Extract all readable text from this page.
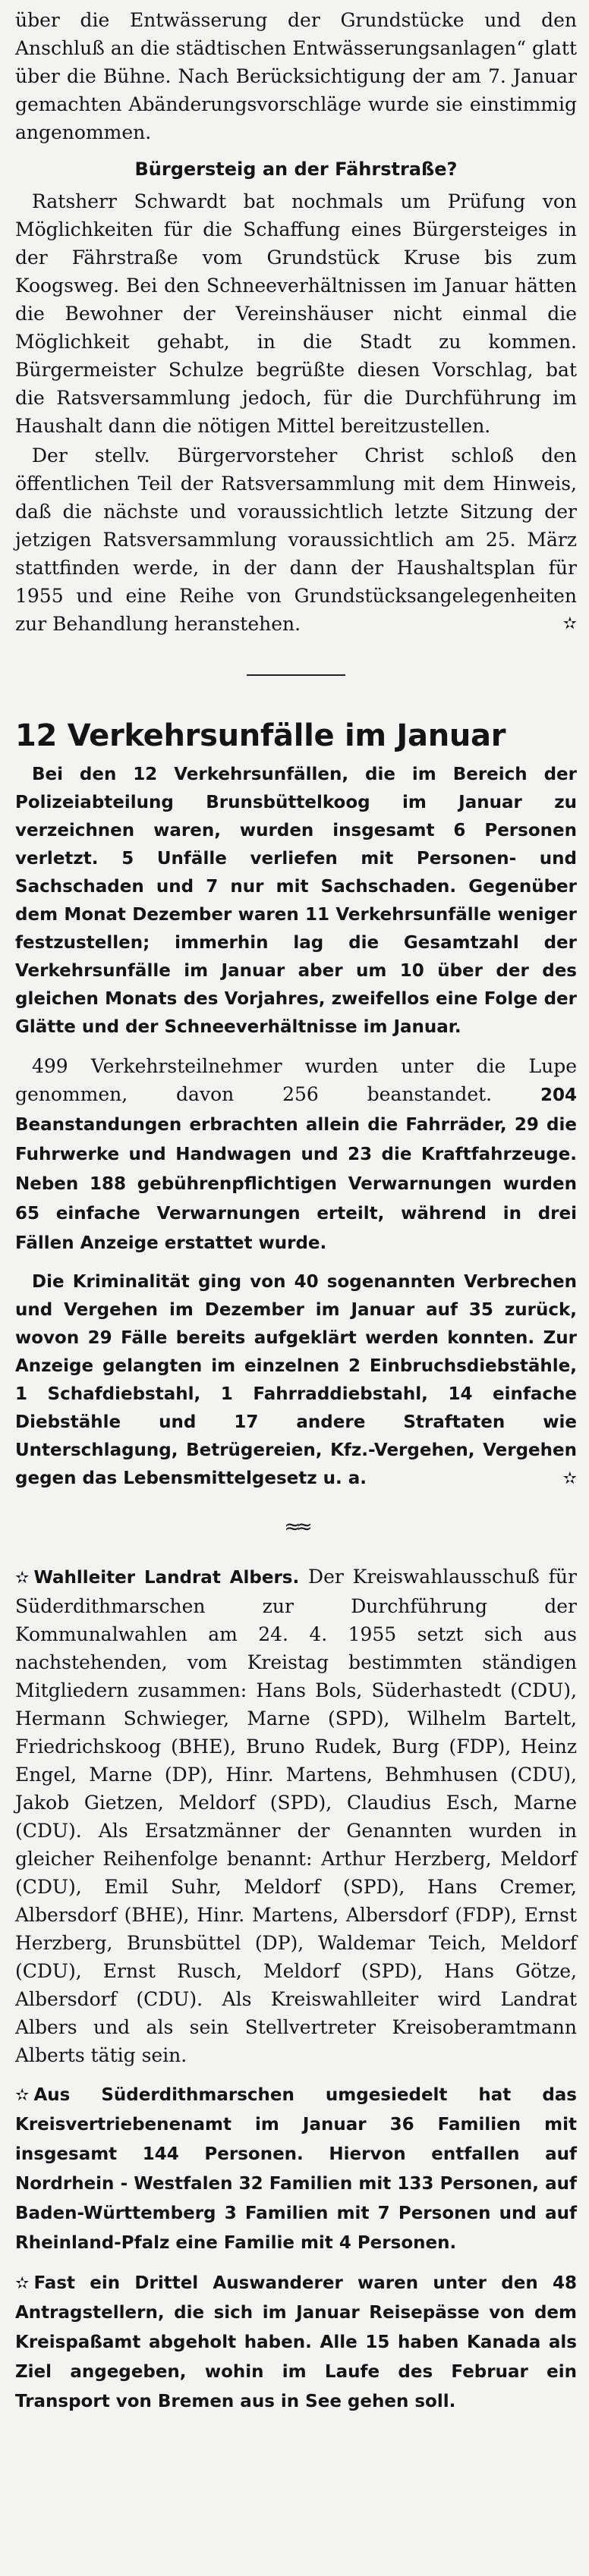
über die Entwässerung der Grundstücke und den Anschluß an die städtischen Entwässerungsanlagen“ glatt über die Bühne. Nach Berücksichtigung der am 7. Januar gemachten Abänderungsvorschläge wurde sie einstimmig angenommen.

Bürgersteig an der Fährstraße?

Ratsherr Schwardt bat nochmals um Prüfung von Möglichkeiten für die Schaffung eines Bürgersteiges in der Fährstraße vom Grundstück Kruse bis zum Koogsweg. Bei den Schneeverhältnissen im Januar hätten die Bewohner der Vereinshäuser nicht einmal die Möglichkeit gehabt, in die Stadt zu kommen. Bürgermeister Schulze begrüßte diesen Vorschlag, bat die Ratsversammlung jedoch, für die Durchführung im Haushalt dann die nötigen Mittel bereitzustellen.

Der stellv. Bürgervorsteher Christ schloß den öffentlichen Teil der Ratsversammlung mit dem Hinweis, daß die nächste und voraussichtlich letzte Sitzung der jetzigen Ratsversammlung voraussichtlich am 25. März stattfinden werde, in der dann der Haushaltsplan für 1955 und eine Reihe von Grundstücksangelegenheiten zur Behandlung heranstehen.	✫

12 Verkehrsunfälle im Januar

Bei den 12 Verkehrsunfällen, die im Bereich der Polizeiabteilung Brunsbüttelkoog im Januar zu verzeichnen waren, wurden insgesamt 6 Personen verletzt. 5 Unfälle verliefen mit Personen- und Sachschaden und 7 nur mit Sachschaden. Gegenüber dem Monat Dezember waren 11 Verkehrsunfälle weniger festzustellen; immerhin lag die Gesamtzahl der Verkehrsunfälle im Januar aber um 10 über der des gleichen Monats des Vorjahres, zweifellos eine Folge der Glätte und der Schneeverhältnisse im Januar.

499 Verkehrsteilnehmer wurden unter die Lupe genommen, davon 256 beanstandet.	204 Beanstandungen erbrachten allein die Fahrräder, 29 die Fuhrwerke und Handwagen und 23 die Kraftfahrzeuge. Neben 188 gebührenpflichtigen Verwarnungen wurden 65 einfache Verwarnungen erteilt, während in drei Fällen Anzeige erstattet wurde.

Die Kriminalität ging von 40 sogenannten Verbrechen und Vergehen im Dezember im Januar auf 35 zurück, wovon 29 Fälle bereits aufgeklärt werden konnten. Zur Anzeige gelangten im einzelnen 2 Einbruchsdiebstähle, 1 Schafdiebstahl, 1 Fahrraddiebstahl, 14 einfache Diebstähle und 17 andere Straftaten wie Unterschlagung, Betrügereien, Kfz.-Vergehen, Vergehen gegen das Lebensmittelgesetz u. a.	✫

≈≈

✫ Wahlleiter Landrat Albers. Der Kreiswahlausschuß für Süderdithmarschen zur Durchführung der Kommunalwahlen am 24. 4. 1955 setzt sich aus nachstehenden, vom Kreistag bestimmten ständigen Mitgliedern zusammen: Hans Bols, Süderhastedt (CDU), Hermann Schwieger, Marne (SPD), Wilhelm Bartelt, Friedrichskoog (BHE), Bruno Rudek, Burg (FDP), Heinz Engel, Marne (DP), Hinr. Martens, Behmhusen (CDU), Jakob Gietzen, Meldorf (SPD), Claudius Esch, Marne (CDU). Als Ersatzmänner der Genannten wurden in gleicher Reihenfolge benannt: Arthur Herzberg, Meldorf (CDU), Emil Suhr, Meldorf (SPD), Hans Cremer, Albersdorf (BHE), Hinr. Martens, Albersdorf (FDP), Ernst Herzberg, Brunsbüttel (DP), Waldemar Teich, Meldorf (CDU), Ernst Rusch, Meldorf (SPD), Hans Götze, Albersdorf (CDU). Als Kreiswahlleiter wird Landrat Albers und als sein Stellvertreter Kreisoberamtmann Alberts tätig sein.

✫ Aus Süderdithmarschen umgesiedelt hat das Kreisvertriebenenamt im Januar 36 Familien mit insgesamt 144 Personen. Hiervon entfallen auf Nordrhein - Westfalen 32 Familien mit 133 Personen, auf Baden-Württemberg 3 Familien mit 7 Personen und auf Rheinland-Pfalz eine Familie mit 4 Personen.

✫ Fast ein Drittel Auswanderer waren unter den 48 Antragstellern, die sich im Januar Reisepässe von dem Kreispaßamt abgeholt haben. Alle 15 haben Kanada als Ziel angegeben, wohin im Laufe des Februar ein Transport von Bremen aus in See gehen soll.
